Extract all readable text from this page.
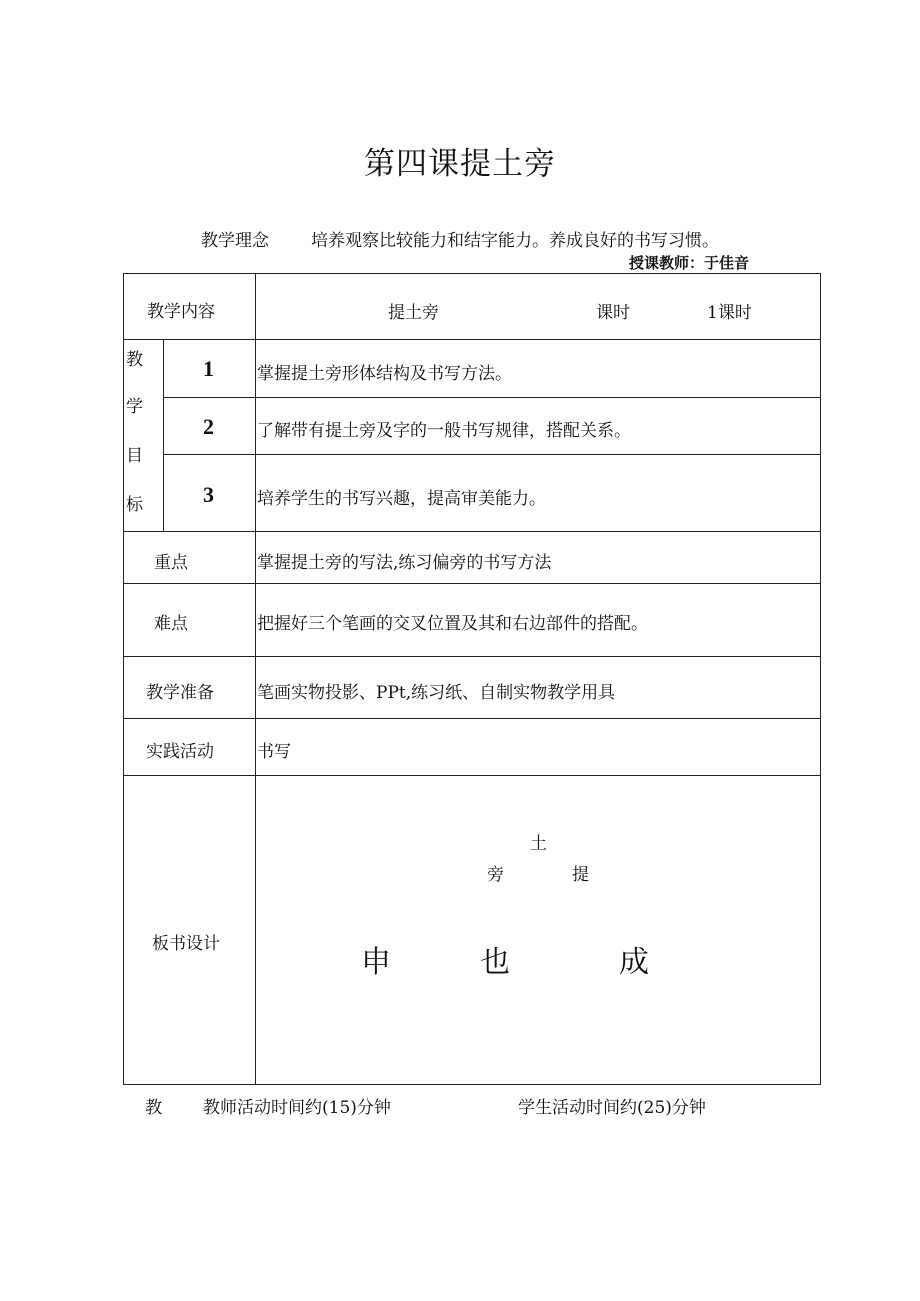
第四课提土旁
教学理念 培养观察比较能力和结字能力。养成良好的书写习惯。
授课教师：于佳音
教学内容	提土旁	课时	1课时
教
学
目
标
1	掌握提土旁形体结构及书写方法。
2	了解带有提土旁及字的一般书写规律，搭配关系。
3	培养学生的书写兴趣，提高审美能力。
重点	掌握提土旁的写法,练习偏旁的书写方法
难点	把握好三个笔画的交叉位置及其和右边部件的搭配。
教学准备	笔画实物投影、PPt,练习纸、自制实物教学用具
实践活动	书写
板书设计
土
旁	提
申	也	成
教 教师活动时间约(15)分钟	学生活动时间约(25)分钟
